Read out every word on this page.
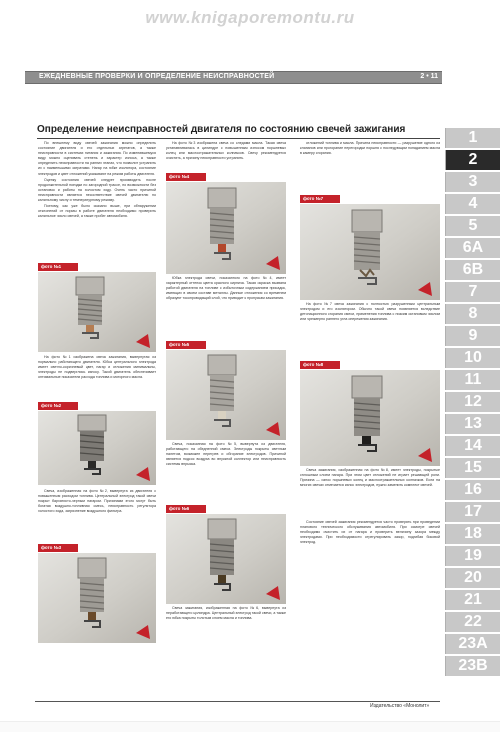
www.knigaporemontu.ru
ЕЖЕДНЕВНЫЕ ПРОВЕРКИ И ОПРЕДЕЛЕНИЕ НЕИСПРАВНОСТЕЙ	2 • 11
Определение неисправностей двигателя по состоянию свечей зажигания

По внешнему виду свечей зажигания можно определить состояние двигателя и его отдельных агрегатов, а также неисправности в системах питания и зажигания. По изменившемуся виду можно оценивать степень и характер износа, а также определить неисправности на ранних этапах, что позволит устранить их с наименьшими затратами. Нагар на юбке изолятора, состояние электродов и цвет отложений указывают на режим работы двигателя.

Оценку состояния свечей следует производить после продолжительной поездки по загородной трассе, по возможности без остановок и работы на холостом ходу. Очень часто причиной неисправности является несоответствие свечей двигателю по калильному числу и температурному режиму.

Поэтому, как уже было сказано выше, при обнаружении отклонений от нормы в работе двигателя необходимо проверить калильное число свечей, а также пробег автомобиля.

фото №1

На фото №1 изображена свеча зажигания, вывернутая из нормально работающего двигателя. Юбка центрального электрода имеет светло-коричневый цвет, нагар и отложения минимальны, электроды не подверглись износу. Такой двигатель обеспечивает оптимальные показатели расхода топлива и моторного масла.

фото №2

Свеча, изображенная на фото №2, вывернута из двигателя с повышенным расходом топлива. Центральный электрод такой свечи покрыт бархатисто-черным нагаром. Причинами этого могут быть богатая воздушно-топливная смесь, неисправность регулятора холостого хода, загрязнение воздушного фильтра.

фото №3

На фото №3 изображена свеча со следами масла. Такая свеча устанавливалась в цилиндре с повышенным износом поршневых колец или маслоотражательных колпачков. Свечу рекомендуется очистить, а причину неисправности устранить.

фото №4

Юбка электрода свечи, показанного на фото №4, имеет характерный оттенок цвета красного кирпича. Такая окраска вызвана работой двигателя на топливе с избыточным содержанием присадок, имеющих в своем составе металлы. Данные отложения со временем образуют токопроводящий слой, что приводит к пропускам зажигания.

фото №5

Свеча, показанная на фото №5, вывернута из двигателя, работающего на обедненной смеси. Электроды покрыты светлым налетом, возможен перегрев и обгорание электродов. Причиной является подсос воздуха во впускной коллектор или неисправность системы впрыска.

фото №6

Свеча зажигания, изображенная на фото №6, вывернута из неработающего цилиндра. Центральный электрод такой свечи, а также его юбка покрыты толстым слоем масла и топлива.

отложений топлива и масла. Причина неисправности — разрушение одного из клапанов или прогорание перегородки поршня с последующим попаданием масла в камеру сгорания.

фото №7

На фото №7 свеча зажигания с полностью разрушенным центральным электродом и его изолятором. Обычно такой свечи появляется вследствие детонационного сгорания смеси, применения топлива с низким октановым числом или чрезмерно раннего угла опережения зажигания.

фото №8

Свеча зажигания, изображенная на фото №8, имеет электроды, покрытые сплошным слоем нагара. При этом цвет отложений не играет решающей роли. Причина — износ поршневых колец и маслоотражательных колпачков. Если на многих свечах отмечается износ электродов, нужно заменить комплект свечей.

Состояние свечей зажигания рекомендуется часто проверять при проведении планового технического обслуживания автомобиля. При осмотре свечей необходимо очистить их от нагара и проверить величину зазора между электродами. При необходимости отрегулировать зазор, подгибая боковой электрод.

1
2
3
4
5
6A
6B
7
8
9
10
11
12
13
14
15
16
17
18
19
20
21
22
23A
23B
Издательство «Монолит»
